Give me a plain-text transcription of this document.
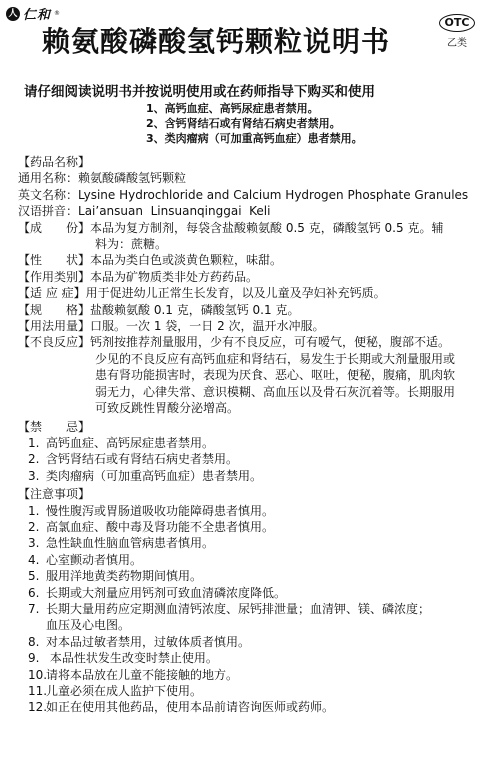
人 仁和 ®
OTC
乙类
赖氨酸磷酸氢钙颗粒说明书
请仔细阅读说明书并按说明使用或在药师指导下购买和使用
1、高钙血症、高钙尿症患者禁用。
2、含钙肾结石或有肾结石病史者禁用。
3、类肉瘤病（可加重高钙血症）患者禁用。
【药品名称】
通用名称： 赖氨酸磷酸氢钙颗粒
英文名称： Lysine Hydrochloride and Calcium Hydrogen Phosphate Granules
汉语拼音： Lai’ansuan  Linsuanqinggai  Keli
【成　　份】 本品为复方制剂，每袋含盐酸赖氨酸 0.5 克，磷酸氢钙 0.5 克。辅
料为：蔗糖。
【性　　状】 本品为类白色或淡黄色颗粒，味甜。
【作用类别】 本品为矿物质类非处方药药品。
【适 应 症】 用于促进幼儿正常生长发育，以及儿童及孕妇补充钙质。
【规　　格】 盐酸赖氨酸 0.1 克，磷酸氢钙 0.1 克。
【用法用量】 口服。一次 1 袋，一日 2 次，温开水冲服。
【不良反应】 钙剂按推荐剂量服用，少有不良反应，可有嗳气，便秘，腹部不适。
少见的不良反应有高钙血症和肾结石，易发生于长期或大剂量服用或
患有肾功能损害时，表现为厌食、恶心、呕吐，便秘，腹痛，肌肉软
弱无力，心律失常、意识模糊、高血压以及骨石灰沉着等。长期服用
可致反跳性胃酸分泌增高。
【禁　　忌】
1. 高钙血症、高钙尿症患者禁用。
2. 含钙肾结石或有肾结石病史者禁用。
3. 类肉瘤病（可加重高钙血症）患者禁用。
【注意事项】
1. 慢性腹泻或胃肠道吸收功能障碍患者慎用。
2. 高氯血症、酸中毒及肾功能不全患者慎用。
3. 急性缺血性脑血管病患者慎用。
4. 心室颤动者慎用。
5. 服用洋地黄类药物期间慎用。
6. 长期或大剂量应用钙剂可致血清磷浓度降低。
7. 长期大量用药应定期测血清钙浓度、尿钙排泄量；血清钾、镁、磷浓度；
血压及心电图。
8. 对本品过敏者禁用，过敏体质者慎用。
9. 本品性状发生改变时禁止使用。
10.
请将本品放在儿童不能接触的地方。
11.
儿童必须在成人监护下使用。
12.
如正在使用其他药品，使用本品前请咨询医师或药师。
